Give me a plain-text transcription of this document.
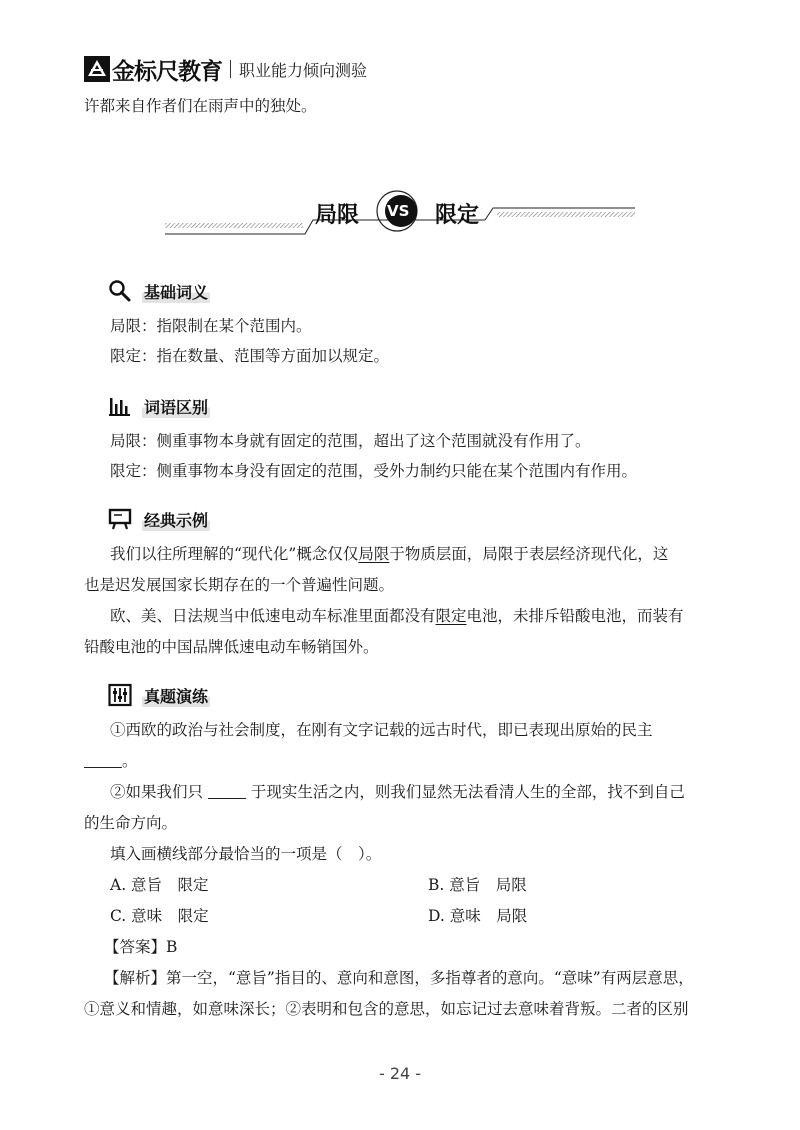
金标尺教育 职业能力倾向测验
许都来自作者们在雨声中的独处。
局限 VS 限定
基础词义
局限：指限制在某个范围内。
限定：指在数量、范围等方面加以规定。
词语区别
局限：侧重事物本身就有固定的范围，超出了这个范围就没有作用了。
限定：侧重事物本身没有固定的范围，受外力制约只能在某个范围内有作用。
经典示例
我们以往所理解的“现代化”概念仅仅局限于物质层面，局限于表层经济现代化，这
也是迟发展国家长期存在的一个普遍性问题。
欧、美、日法规当中低速电动车标准里面都没有限定电池，未排斥铅酸电池，而装有
铅酸电池的中国品牌低速电动车畅销国外。
真题演练
①西欧的政治与社会制度，在刚有文字记载的远古时代，即已表现出原始的民主
。
②如果我们只	于现实生活之内，则我们显然无法看清人生的全部，找不到自己
的生命方向。
填入画横线部分最恰当的一项是（　）。
A. 意旨　限定	B. 意旨　局限
C. 意味　限定	D. 意味　局限
【答案】B
【解析】第一空，“意旨”指目的、意向和意图，多指尊者的意向。“意味”有两层意思，
①意义和情趣，如意味深长；②表明和包含的意思，如忘记过去意味着背叛。二者的区别
- 24 -
